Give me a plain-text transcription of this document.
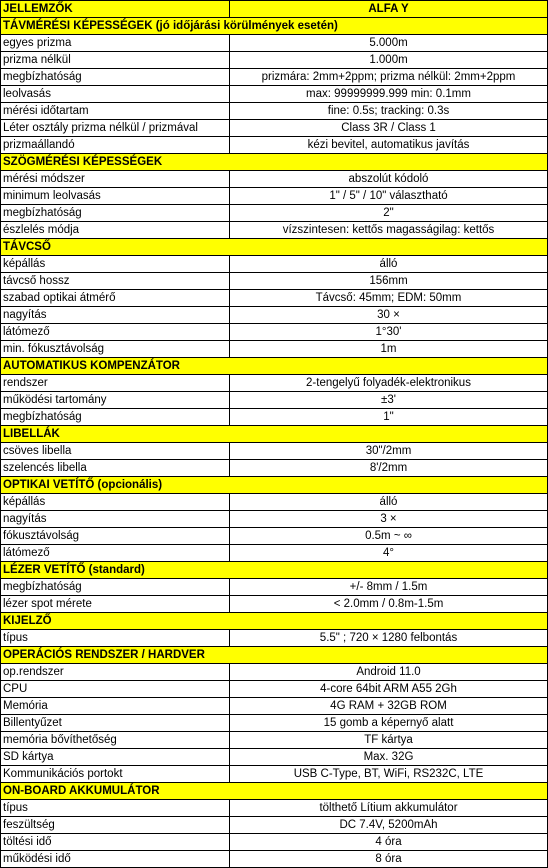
JELLEMZŐK	ALFA Y
TÁVMÉRÉSI KÉPESSÉGEK (jó időjárási körülmények esetén)	
egyes prizma	5.000m
prizma nélkül	1.000m
megbízhatóság	prizmára: 2mm+2ppm; prizma nélkül: 2mm+2ppm
leolvasás	max: 99999999.999 min: 0.1mm
mérési időtartam	fine: 0.5s; tracking: 0.3s
Léter osztály prizma nélkül / prizmával	Class 3R / Class 1
prizmaállandó	kézi bevitel, automatikus javítás
SZÖGMÉRÉSI KÉPESSÉGEK	
mérési módszer	abszolút kódoló
minimum leolvasás	1" / 5" / 10" választható
megbízhatóság	2"
észlelés módja	vízszintesen: kettős magasságilag: kettős
TÁVCSŐ	
képállás	álló
távcső hossz	156mm
szabad optikai átmérő	Távcső: 45mm; EDM: 50mm
nagyítás	30 ×
látómező	1°30'
min. fókusztávolság	1m
AUTOMATIKUS KOMPENZÁTOR	
rendszer	2-tengelyű folyadék-elektronikus
működési tartomány	±3'
megbízhatóság	1"
LIBELLÁK	
csöves libella	30"/2mm
szelencés libella	8'/2mm
OPTIKAI VETÍTŐ (opcionális)	
képállás	álló
nagyítás	3 ×
fókusztávolság	0.5m ~ ∞
látómező	4°
LÉZER VETÍTŐ (standard)	
megbízhatóság	+/- 8mm / 1.5m
lézer spot mérete	< 2.0mm / 0.8m-1.5m
KIJELZŐ	
típus	5.5" ; 720 × 1280 felbontás
OPERÁCIÓS RENDSZER / HARDVER	
op.rendszer	Android 11.0
CPU	4-core 64bit ARM A55 2Gh
Memória	4G RAM + 32GB ROM
Billentyűzet	15 gomb a képernyő alatt
memória bővíthetőség	TF kártya
SD kártya	Max. 32G
Kommunikációs portokt	USB C-Type, BT, WiFi, RS232C, LTE
ON-BOARD AKKUMULÁTOR	
típus	tölthető Lítium akkumulátor
feszültség	DC 7.4V, 5200mAh
töltési idő	4 óra
működési idő	8 óra
